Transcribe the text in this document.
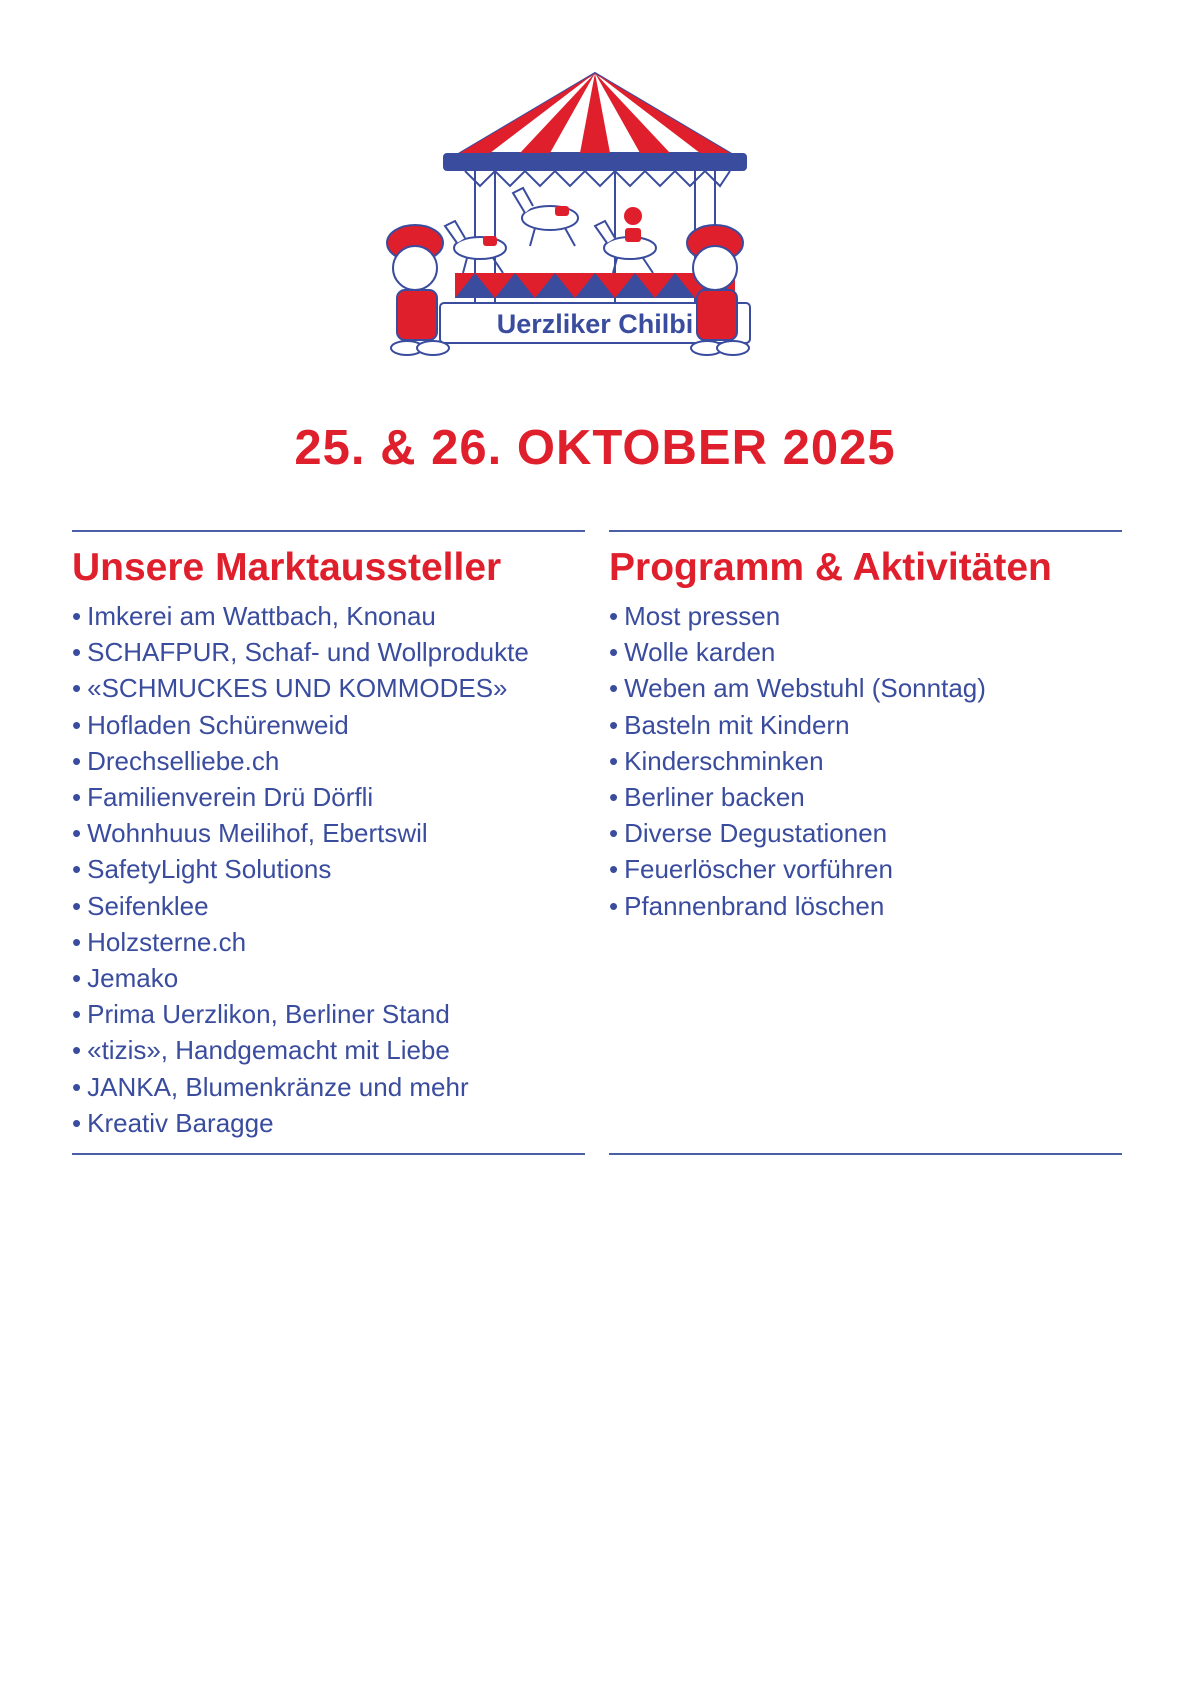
Uerzliker Chilbi
25. & 26. OKTOBER 2025
Unsere Marktaussteller
• Imkerei am Wattbach, Knonau
• SCHAFPUR, Schaf- und Wollprodukte
• «SCHMUCKES UND KOMMODES»
• Hofladen Schürenweid
• Drechselliebe.ch
• Familienverein Drü Dörfli
• Wohnhuus Meilihof, Ebertswil
• SafetyLight Solutions
• Seifenklee
• Holzsterne.ch
• Jemako
• Prima Uerzlikon, Berliner Stand
• «tizis», Handgemacht mit Liebe
• JANKA, Blumenkränze und mehr
• Kreativ Baragge
Programm & Aktivitäten
• Most pressen
• Wolle karden
• Weben am Webstuhl (Sonntag)
• Basteln mit Kindern
• Kinderschminken
• Berliner backen
• Diverse Degustationen
• Feuerlöscher vorführen
• Pfannenbrand löschen
